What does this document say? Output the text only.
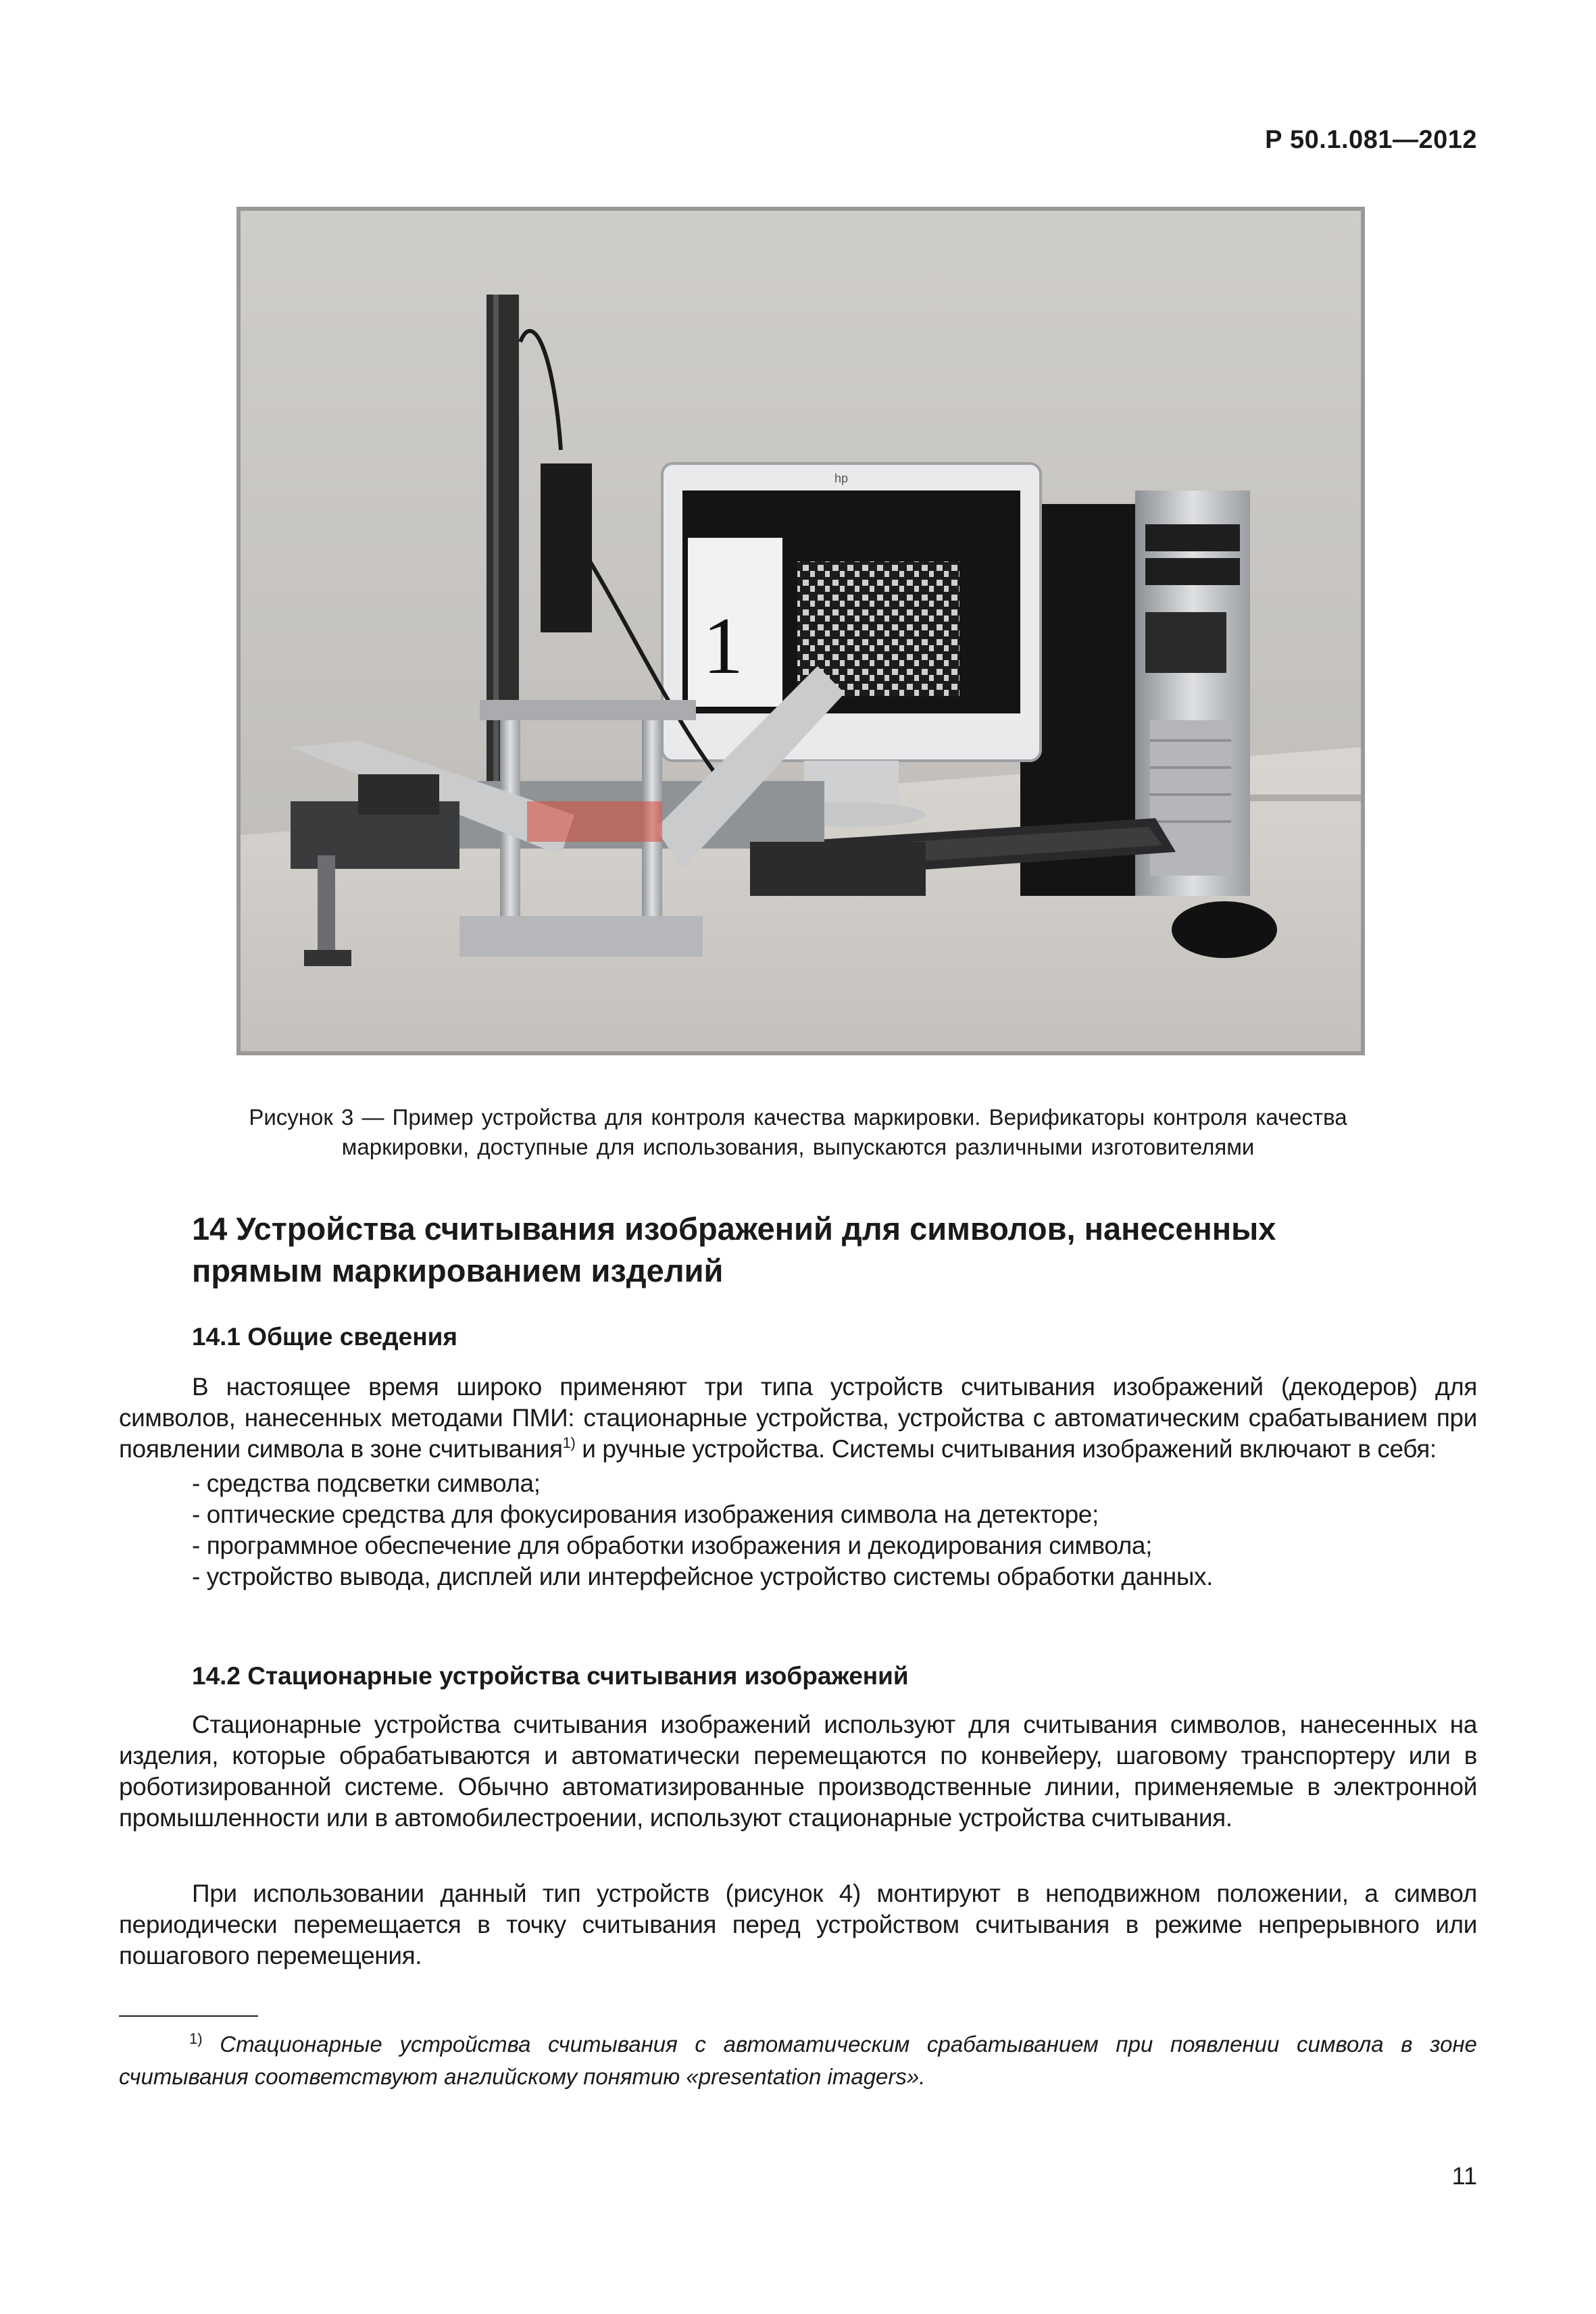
Р 50.1.081—2012
1
hp
Рисунок 3 — Пример устройства для контроля качества маркировки. Верификаторы контроля качества
маркировки, доступные для использования, выпускаются различными изготовителями
14 Устройства считывания изображений для символов, нанесенных
прямым маркированием изделий
14.1 Общие сведения

В настоящее время широко применяют три типа устройств считывания изображений (декодеров) для символов, нанесенных методами ПМИ: стационарные устройства, устройства с автоматическим срабатыванием при появлении символа в зоне считывания$^{1)}$ и ручные устройства. Системы считывания изображений включают в себя:

- средства подсветки символа;

- оптические средства для фокусирования изображения символа на детекторе;

- программное обеспечение для обработки изображения и декодирования символа;

- устройство вывода, дисплей или интерфейсное устройство системы обработки данных.

14.2 Стационарные устройства считывания изображений

Стационарные устройства считывания изображений используют для считывания символов, нанесенных на изделия, которые обрабатываются и автоматически перемещаются по конвейеру, шаговому транспортеру или в роботизированной системе. Обычно автоматизированные производственные линии, применяемые в электронной промышленности или в автомобилестроении, используют стационарные устройства считывания.

При использовании данный тип устройств (рисунок 4) монтируют в неподвижном положении, а символ периодически перемещается в точку считывания перед устройством считывания в режиме непрерывного или пошагового перемещения.

$^{1)}$ Стационарные устройства считывания с автоматическим срабатыванием при появлении символа в зоне считывания соответствуют английскому понятию «presentation imagers».
11
